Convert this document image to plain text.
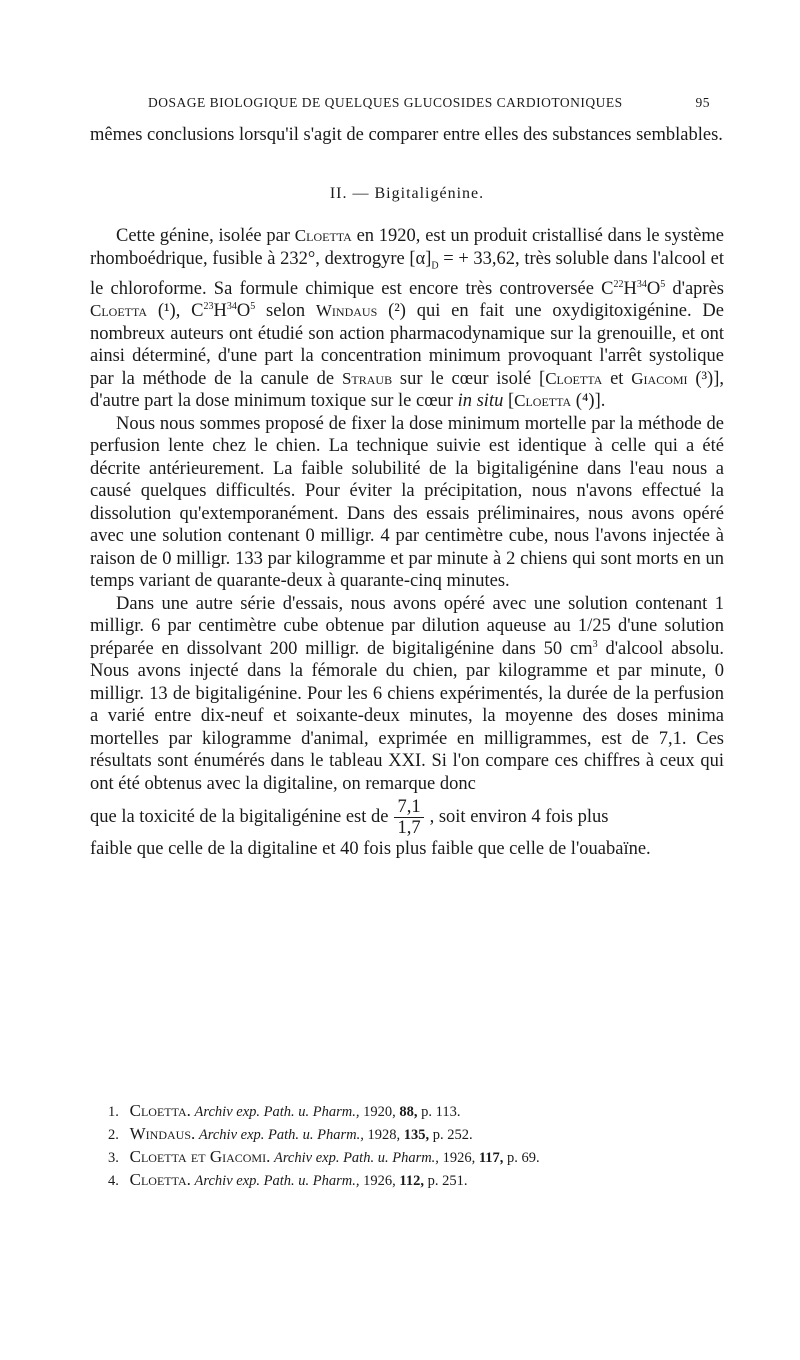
DOSAGE BIOLOGIQUE DE QUELQUES GLUCOSIDES CARDIOTONIQUES	95

mêmes conclusions lorsqu'il s'agit de comparer entre elles des substances semblables.

II. — Bigitaligénine.

Cette génine, isolée par Cloetta en 1920, est un produit cristallisé dans le système rhomboédrique, fusible à 232°, dextrogyre $[\alpha]_D$ = + 33,62, très soluble dans l'alcool et le chloroforme. Sa formule chimique est encore très controversée $C^{22}H^{34}O^5$ d'après Cloetta (¹), $C^{23}H^{34}O^5$ selon Windaus (²) qui en fait une oxydigitoxigénine. De nombreux auteurs ont étudié son action pharmacodynamique sur la grenouille, et ont ainsi déterminé, d'une part la concentration minimum provoquant l'arrêt systolique par la méthode de la canule de Straub sur le cœur isolé [Cloetta et Giacomi (³)], d'autre part la dose minimum toxique sur le cœur in situ [Cloetta (⁴)].

Nous nous sommes proposé de fixer la dose minimum mortelle par la méthode de perfusion lente chez le chien. La technique suivie est identique à celle qui a été décrite antérieurement. La faible solubilité de la bigitaligénine dans l'eau nous a causé quelques difficultés. Pour éviter la précipitation, nous n'avons effectué la dissolution qu'extemporanément. Dans des essais préliminaires, nous avons opéré avec une solution contenant 0 milligr. 4 par centimètre cube, nous l'avons injectée à raison de 0 milligr. 133 par kilogramme et par minute à 2 chiens qui sont morts en un temps variant de quarante-deux à quarante-cinq minutes.

Dans une autre série d'essais, nous avons opéré avec une solution contenant 1 milligr. 6 par centimètre cube obtenue par dilution aqueuse au 1/25 d'une solution préparée en dissolvant 200 milligr. de bigitaligénine dans 50 $cm^3$ d'alcool absolu. Nous avons injecté dans la fémorale du chien, par kilogramme et par minute, 0 milligr. 13 de bigitaligénine. Pour les 6 chiens expérimentés, la durée de la perfusion a varié entre dix-neuf et soixante-deux minutes, la moyenne des doses minima mortelles par kilogramme d'animal, exprimée en milligrammes, est de 7,1. Ces résultats sont énumérés dans le tableau XXI. Si l'on compare ces chiffres à ceux qui ont été obtenus avec la digitaline, on remarque donc

que la toxicité de la bigitaligénine est de $\frac{7,1}{1,7}$ , soit environ 4 fois plus

faible que celle de la digitaline et 40 fois plus faible que celle de l'ouabaïne.

1. Cloetta. Archiv exp. Path. u. Pharm., 1920, 88, p. 113.
2. Windaus. Archiv exp. Path. u. Pharm., 1928, 135, p. 252.
3. Cloetta et Giacomi. Archiv exp. Path. u. Pharm., 1926, 117, p. 69.
4. Cloetta. Archiv exp. Path. u. Pharm., 1926, 112, p. 251.
